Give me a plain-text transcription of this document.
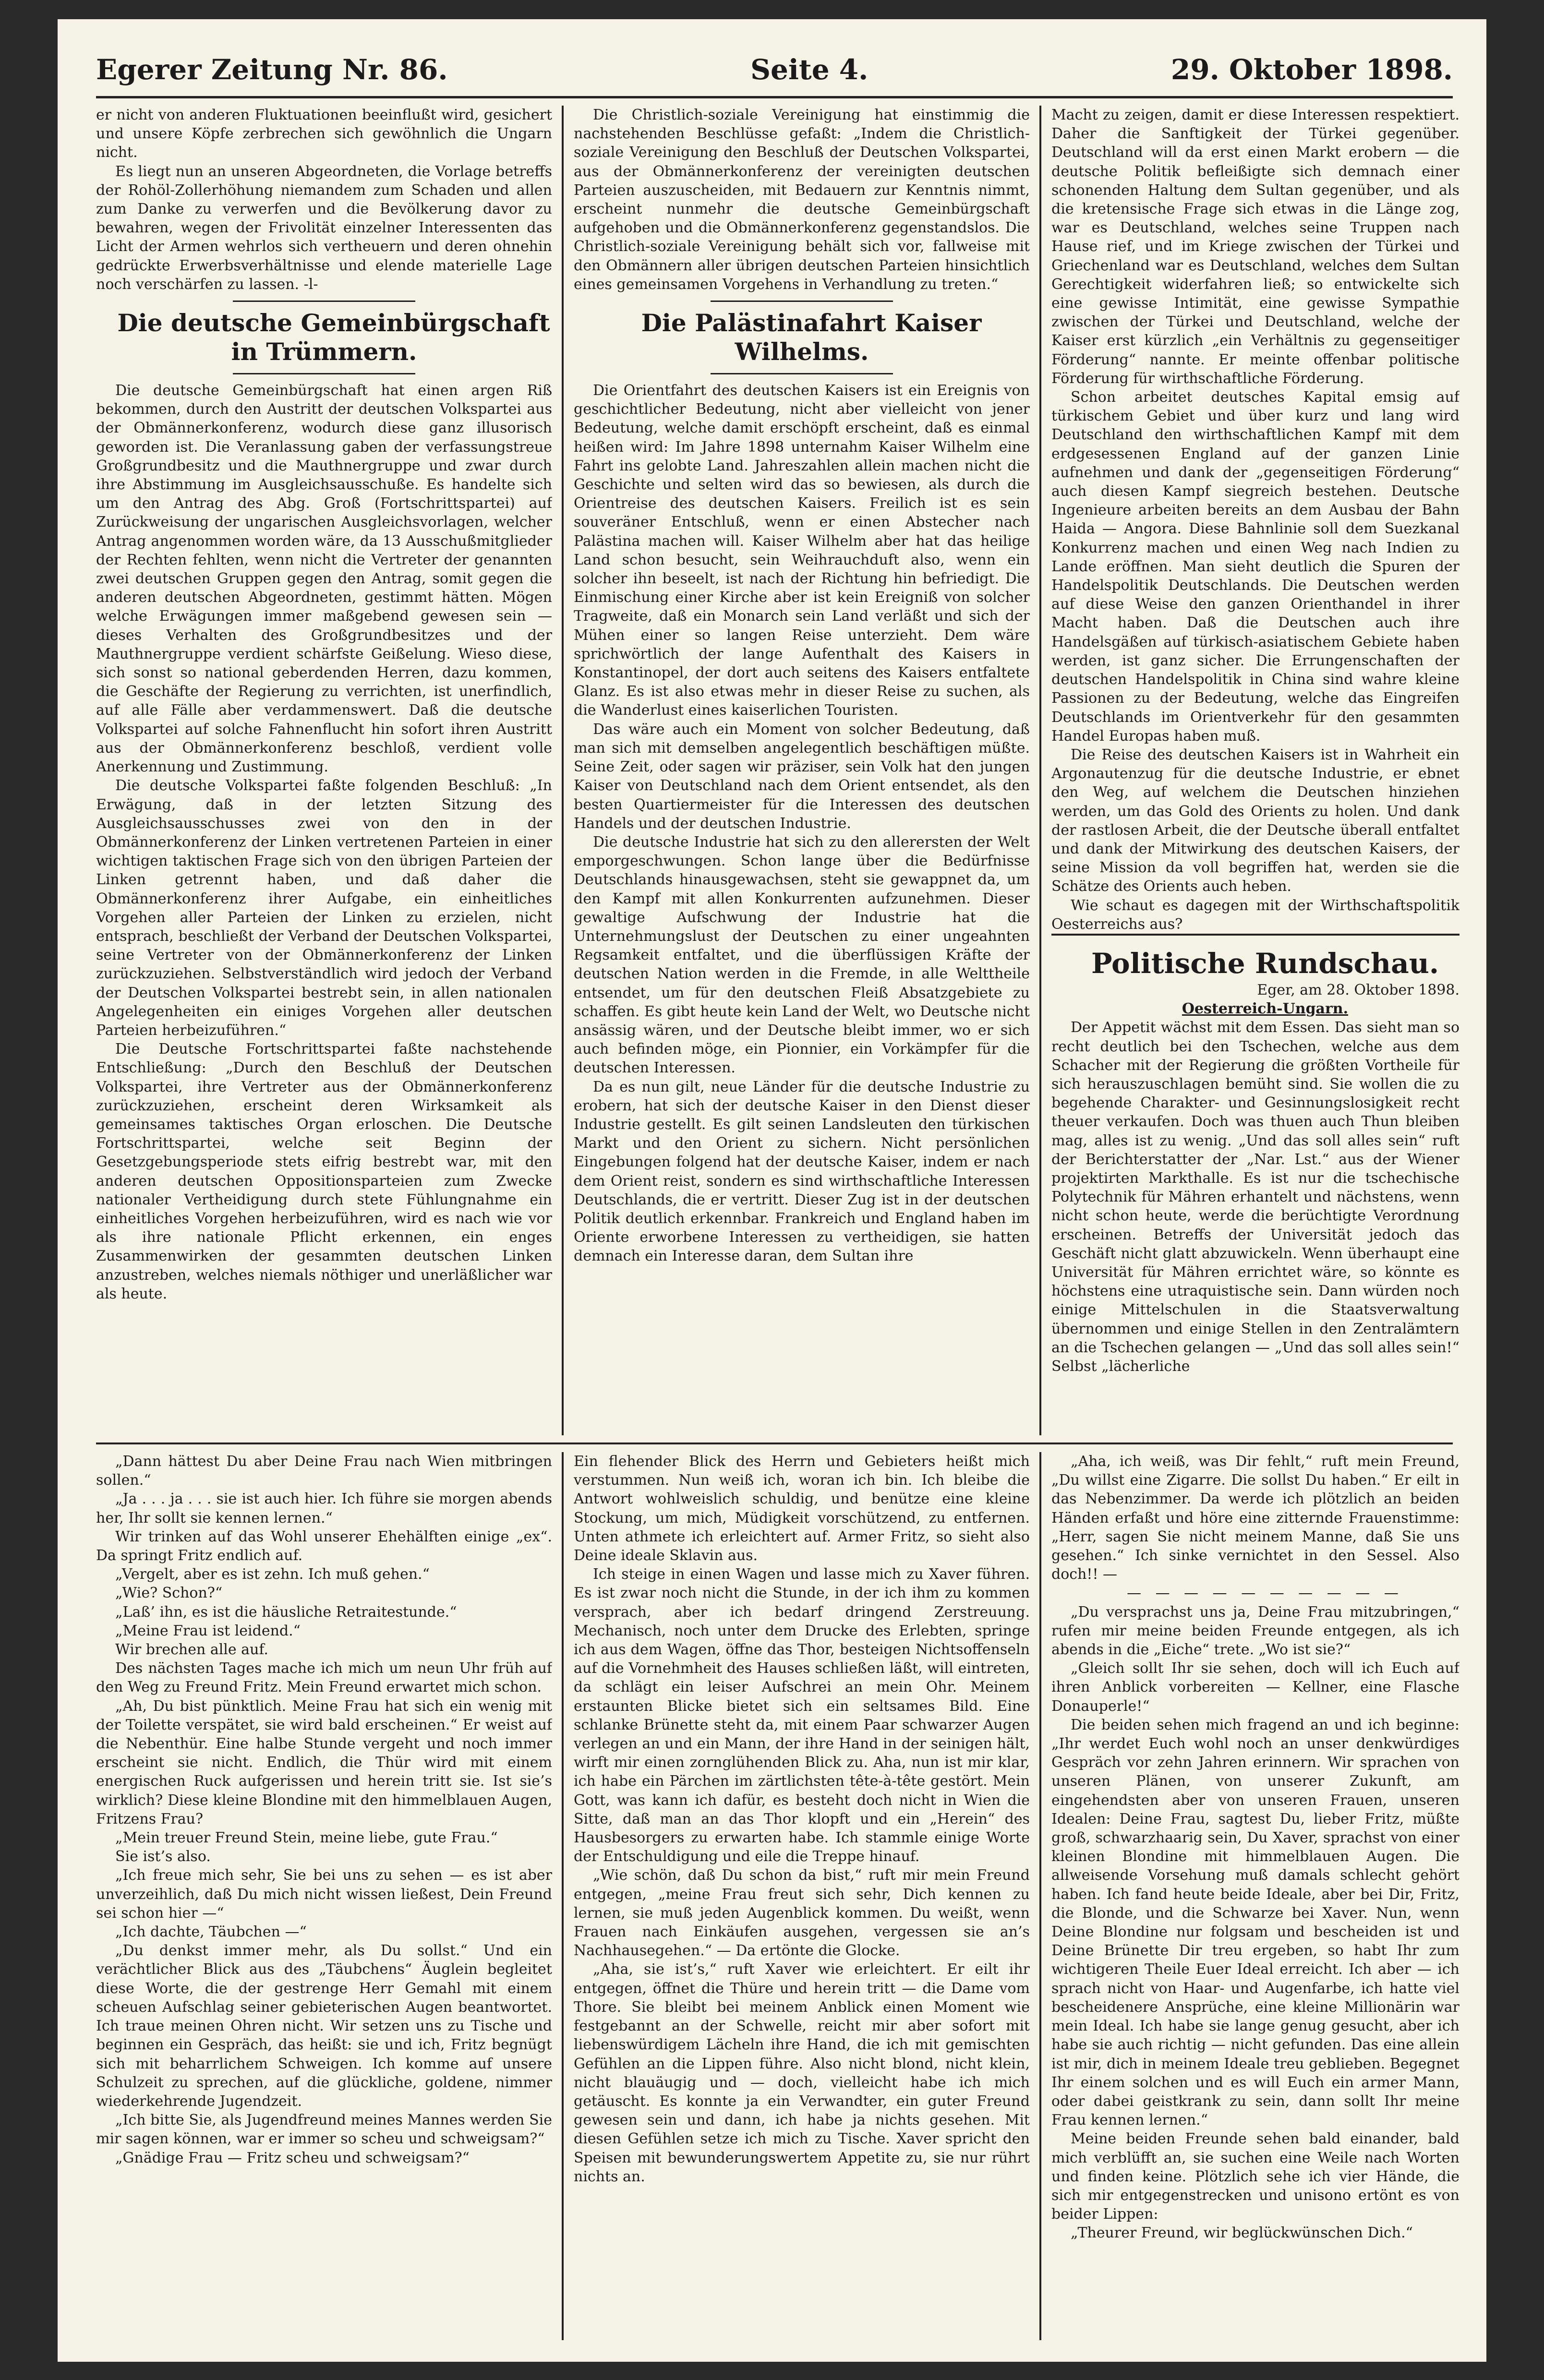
Egerer Zeitung Nr. 86.	Seite 4.	29. Oktober 1898.

er nicht von anderen Fluktuationen beeinflußt wird, gesichert und unsere Köpfe zerbrechen sich gewöhnlich die Ungarn nicht.

Es liegt nun an unseren Abgeordneten, die Vorlage betreffs der Rohöl-Zollerhöhung niemandem zum Schaden und allen zum Danke zu verwerfen und die Bevölkerung davor zu bewahren, wegen der Frivolität einzelner Interessenten das Licht der Armen wehrlos sich vertheuern und deren ohnehin gedrückte Erwerbsverhältnisse und elende materielle Lage noch verschärfen zu lassen. -l-

Die deutsche Gemeinbürgschaft in Trümmern.

Die deutsche Gemeinbürgschaft hat einen argen Riß bekommen, durch den Austritt der deutschen Volkspartei aus der Obmännerkonferenz, wodurch diese ganz illusorisch geworden ist. Die Veranlassung gaben der verfassungstreue Großgrundbesitz und die Mauthnergruppe und zwar durch ihre Abstimmung im Ausgleichsausschuße. Es handelte sich um den Antrag des Abg. Groß (Fortschrittspartei) auf Zurückweisung der ungarischen Ausgleichsvorlagen, welcher Antrag angenommen worden wäre, da 13 Ausschußmitglieder der Rechten fehlten, wenn nicht die Vertreter der genannten zwei deutschen Gruppen gegen den Antrag, somit gegen die anderen deutschen Abgeordneten, gestimmt hätten. Mögen welche Erwägungen immer maßgebend gewesen sein — dieses Verhalten des Großgrundbesitzes und der Mauthnergruppe verdient schärfste Geißelung. Wieso diese, sich sonst so national geberdenden Herren, dazu kommen, die Geschäfte der Regierung zu verrichten, ist unerfindlich, auf alle Fälle aber verdammenswert. Daß die deutsche Volkspartei auf solche Fahnenflucht hin sofort ihren Austritt aus der Obmännerkonferenz beschloß, verdient volle Anerkennung und Zustimmung.

Die deutsche Volkspartei faßte folgenden Beschluß: „In Erwägung, daß in der letzten Sitzung des Ausgleichsausschusses zwei von den in der Obmännerkonferenz der Linken vertretenen Parteien in einer wichtigen taktischen Frage sich von den übrigen Parteien der Linken getrennt haben, und daß daher die Obmännerkonferenz ihrer Aufgabe, ein einheitliches Vorgehen aller Parteien der Linken zu erzielen, nicht entsprach, beschließt der Verband der Deutschen Volkspartei, seine Vertreter von der Obmännerkonferenz der Linken zurückzuziehen. Selbstverständlich wird jedoch der Verband der Deutschen Volkspartei bestrebt sein, in allen nationalen Angelegenheiten ein einiges Vorgehen aller deutschen Parteien herbeizuführen.“

Die Deutsche Fortschrittspartei faßte nachstehende Entschließung: „Durch den Beschluß der Deutschen Volkspartei, ihre Vertreter aus der Obmännerkonferenz zurückzuziehen, erscheint deren Wirksamkeit als gemeinsames taktisches Organ erloschen. Die Deutsche Fortschrittspartei, welche seit Beginn der Gesetzgebungsperiode stets eifrig bestrebt war, mit den anderen deutschen Oppositionsparteien zum Zwecke nationaler Vertheidigung durch stete Fühlungnahme ein einheitliches Vorgehen herbeizuführen, wird es nach wie vor als ihre nationale Pflicht erkennen, ein enges Zusammenwirken der gesammten deutschen Linken anzustreben, welches niemals nöthiger und unerläßlicher war als heute.

Die Christlich-soziale Vereinigung hat einstimmig die nachstehenden Beschlüsse gefaßt: „Indem die Christlich-soziale Vereinigung den Beschluß der Deutschen Volkspartei, aus der Obmännerkonferenz der vereinigten deutschen Parteien auszuscheiden, mit Bedauern zur Kenntnis nimmt, erscheint nunmehr die deutsche Gemeinbürgschaft aufgehoben und die Obmännerkonferenz gegenstandslos. Die Christlich-soziale Vereinigung behält sich vor, fallweise mit den Obmännern aller übrigen deutschen Parteien hinsichtlich eines gemeinsamen Vorgehens in Verhandlung zu treten.“

Die Palästinafahrt Kaiser Wilhelms.

Die Orientfahrt des deutschen Kaisers ist ein Ereignis von geschichtlicher Bedeutung, nicht aber vielleicht von jener Bedeutung, welche damit erschöpft erscheint, daß es einmal heißen wird: Im Jahre 1898 unternahm Kaiser Wilhelm eine Fahrt ins gelobte Land. Jahreszahlen allein machen nicht die Geschichte und selten wird das so bewiesen, als durch die Orientreise des deutschen Kaisers. Freilich ist es sein souveräner Entschluß, wenn er einen Abstecher nach Palästina machen will. Kaiser Wilhelm aber hat das heilige Land schon besucht, sein Weihrauchduft also, wenn ein solcher ihn beseelt, ist nach der Richtung hin befriedigt. Die Einmischung einer Kirche aber ist kein Ereigniß von solcher Tragweite, daß ein Monarch sein Land verläßt und sich der Mühen einer so langen Reise unterzieht. Dem wäre sprichwörtlich der lange Aufenthalt des Kaisers in Konstantinopel, der dort auch seitens des Kaisers entfaltete Glanz. Es ist also etwas mehr in dieser Reise zu suchen, als die Wanderlust eines kaiserlichen Touristen.

Das wäre auch ein Moment von solcher Bedeutung, daß man sich mit demselben angelegentlich beschäftigen müßte. Seine Zeit, oder sagen wir präziser, sein Volk hat den jungen Kaiser von Deutschland nach dem Orient entsendet, als den besten Quartiermeister für die Interessen des deutschen Handels und der deutschen Industrie.

Die deutsche Industrie hat sich zu den allerersten der Welt emporgeschwungen. Schon lange über die Bedürfnisse Deutschlands hinausgewachsen, steht sie gewappnet da, um den Kampf mit allen Konkurrenten aufzunehmen. Dieser gewaltige Aufschwung der Industrie hat die Unternehmungslust der Deutschen zu einer ungeahnten Regsamkeit entfaltet, und die überflüssigen Kräfte der deutschen Nation werden in die Fremde, in alle Welttheile entsendet, um für den deutschen Fleiß Absatzgebiete zu schaffen. Es gibt heute kein Land der Welt, wo Deutsche nicht ansässig wären, und der Deutsche bleibt immer, wo er sich auch befinden möge, ein Pionnier, ein Vorkämpfer für die deutschen Interessen.

Da es nun gilt, neue Länder für die deutsche Industrie zu erobern, hat sich der deutsche Kaiser in den Dienst dieser Industrie gestellt. Es gilt seinen Landsleuten den türkischen Markt und den Orient zu sichern. Nicht persönlichen Eingebungen folgend hat der deutsche Kaiser, indem er nach dem Orient reist, sondern es sind wirthschaftliche Interessen Deutschlands, die er vertritt. Dieser Zug ist in der deutschen Politik deutlich erkennbar. Frankreich und England haben im Oriente erworbene Interessen zu vertheidigen, sie hatten demnach ein Interesse daran, dem Sultan ihre

Macht zu zeigen, damit er diese Interessen respektiert. Daher die Sanftigkeit der Türkei gegenüber. Deutschland will da erst einen Markt erobern — die deutsche Politik befleißigte sich demnach einer schonenden Haltung dem Sultan gegenüber, und als die kretensische Frage sich etwas in die Länge zog, war es Deutschland, welches seine Truppen nach Hause rief, und im Kriege zwischen der Türkei und Griechenland war es Deutschland, welches dem Sultan Gerechtigkeit widerfahren ließ; so entwickelte sich eine gewisse Intimität, eine gewisse Sympathie zwischen der Türkei und Deutschland, welche der Kaiser erst kürzlich „ein Verhältnis zu gegenseitiger Förderung“ nannte. Er meinte offenbar politische Förderung für wirthschaftliche Förderung.

Schon arbeitet deutsches Kapital emsig auf türkischem Gebiet und über kurz und lang wird Deutschland den wirthschaftlichen Kampf mit dem erdgesessenen England auf der ganzen Linie aufnehmen und dank der „gegenseitigen Förderung“ auch diesen Kampf siegreich bestehen. Deutsche Ingenieure arbeiten bereits an dem Ausbau der Bahn Haida — Angora. Diese Bahnlinie soll dem Suezkanal Konkurrenz machen und einen Weg nach Indien zu Lande eröffnen. Man sieht deutlich die Spuren der Handelspolitik Deutschlands. Die Deutschen werden auf diese Weise den ganzen Orienthandel in ihrer Macht haben. Daß die Deutschen auch ihre Handelsgäßen auf türkisch-asiatischem Gebiete haben werden, ist ganz sicher. Die Errungenschaften der deutschen Handelspolitik in China sind wahre kleine Passionen zu der Bedeutung, welche das Eingreifen Deutschlands im Orientverkehr für den gesammten Handel Europas haben muß.

Die Reise des deutschen Kaisers ist in Wahrheit ein Argonautenzug für die deutsche Industrie, er ebnet den Weg, auf welchem die Deutschen hinziehen werden, um das Gold des Orients zu holen. Und dank der rastlosen Arbeit, die der Deutsche überall entfaltet und dank der Mitwirkung des deutschen Kaisers, der seine Mission da voll begriffen hat, werden sie die Schätze des Orients auch heben.

Wie schaut es dagegen mit der Wirthschaftspolitik Oesterreichs aus?

Politische Rundschau.

Eger, am 28. Oktober 1898.

Oesterreich-Ungarn.

Der Appetit wächst mit dem Essen. Das sieht man so recht deutlich bei den Tschechen, welche aus dem Schacher mit der Regierung die größten Vortheile für sich herauszuschlagen bemüht sind. Sie wollen die zu begehende Charakter- und Gesinnungslosigkeit recht theuer verkaufen. Doch was thuen auch Thun bleiben mag, alles ist zu wenig. „Und das soll alles sein“ ruft der Berichterstatter der „Nar. Lst.“ aus der Wiener projektirten Markthalle. Es ist nur die tschechische Polytechnik für Mähren erhantelt und nächstens, wenn nicht schon heute, werde die berüchtigte Verordnung erscheinen. Betreffs der Universität jedoch das Geschäft nicht glatt abzuwickeln. Wenn überhaupt eine Universität für Mähren errichtet wäre, so könnte es höchstens eine utraquistische sein. Dann würden noch einige Mittelschulen in die Staatsverwaltung übernommen und einige Stellen in den Zentralämtern an die Tschechen gelangen — „Und das soll alles sein!“ Selbst „lächerliche

„Dann hättest Du aber Deine Frau nach Wien mitbringen sollen.“

„Ja . . . ja . . . sie ist auch hier. Ich führe sie morgen abends her, Ihr sollt sie kennen lernen.“

Wir trinken auf das Wohl unserer Ehehälften einige „ex“. Da springt Fritz endlich auf.

„Vergelt, aber es ist zehn. Ich muß gehen.“

„Wie? Schon?“

„Laß’ ihn, es ist die häusliche Retraitestunde.“

„Meine Frau ist leidend.“

Wir brechen alle auf.

Des nächsten Tages mache ich mich um neun Uhr früh auf den Weg zu Freund Fritz. Mein Freund erwartet mich schon.

„Ah, Du bist pünktlich. Meine Frau hat sich ein wenig mit der Toilette verspätet, sie wird bald erscheinen.“ Er weist auf die Nebenthür. Eine halbe Stunde vergeht und noch immer erscheint sie nicht. Endlich, die Thür wird mit einem energischen Ruck aufgerissen und herein tritt sie. Ist sie’s wirklich? Diese kleine Blondine mit den himmelblauen Augen, Fritzens Frau?

„Mein treuer Freund Stein, meine liebe, gute Frau.“

Sie ist’s also.

„Ich freue mich sehr, Sie bei uns zu sehen — es ist aber unverzeihlich, daß Du mich nicht wissen ließest, Dein Freund sei schon hier —“

„Ich dachte, Täubchen —“

„Du denkst immer mehr, als Du sollst.“ Und ein verächtlicher Blick aus des „Täubchens“ Äuglein begleitet diese Worte, die der gestrenge Herr Gemahl mit einem scheuen Aufschlag seiner gebieterischen Augen beantwortet. Ich traue meinen Ohren nicht. Wir setzen uns zu Tische und beginnen ein Gespräch, das heißt: sie und ich, Fritz begnügt sich mit beharrlichem Schweigen. Ich komme auf unsere Schulzeit zu sprechen, auf die glückliche, goldene, nimmer wiederkehrende Jugendzeit.

„Ich bitte Sie, als Jugendfreund meines Mannes werden Sie mir sagen können, war er immer so scheu und schweigsam?“

„Gnädige Frau — Fritz scheu und schweigsam?“

Ein flehender Blick des Herrn und Gebieters heißt mich verstummen. Nun weiß ich, woran ich bin. Ich bleibe die Antwort wohlweislich schuldig, und benütze eine kleine Stockung, um mich, Müdigkeit vorschützend, zu entfernen. Unten athmete ich erleichtert auf. Armer Fritz, so sieht also Deine ideale Sklavin aus.

Ich steige in einen Wagen und lasse mich zu Xaver führen. Es ist zwar noch nicht die Stunde, in der ich ihm zu kommen versprach, aber ich bedarf dringend Zerstreuung. Mechanisch, noch unter dem Drucke des Erlebten, springe ich aus dem Wagen, öffne das Thor, besteigen Nichtsoffenseln auf die Vornehmheit des Hauses schließen läßt, will eintreten, da schlägt ein leiser Aufschrei an mein Ohr. Meinem erstaunten Blicke bietet sich ein seltsames Bild. Eine schlanke Brünette steht da, mit einem Paar schwarzer Augen verlegen an und ein Mann, der ihre Hand in der seinigen hält, wirft mir einen zornglühenden Blick zu. Aha, nun ist mir klar, ich habe ein Pärchen im zärtlichsten tête-à-tête gestört. Mein Gott, was kann ich dafür, es besteht doch nicht in Wien die Sitte, daß man an das Thor klopft und ein „Herein“ des Hausbesorgers zu erwarten habe. Ich stammle einige Worte der Entschuldigung und eile die Treppe hinauf.

„Wie schön, daß Du schon da bist,“ ruft mir mein Freund entgegen, „meine Frau freut sich sehr, Dich kennen zu lernen, sie muß jeden Augenblick kommen. Du weißt, wenn Frauen nach Einkäufen ausgehen, vergessen sie an’s Nachhausegehen.“ — Da ertönte die Glocke.

„Aha, sie ist’s,“ ruft Xaver wie erleichtert. Er eilt ihr entgegen, öffnet die Thüre und herein tritt — die Dame vom Thore. Sie bleibt bei meinem Anblick einen Moment wie festgebannt an der Schwelle, reicht mir aber sofort mit liebenswürdigem Lächeln ihre Hand, die ich mit gemischten Gefühlen an die Lippen führe. Also nicht blond, nicht klein, nicht blauäugig und — doch, vielleicht habe ich mich getäuscht. Es konnte ja ein Verwandter, ein guter Freund gewesen sein und dann, ich habe ja nichts gesehen. Mit diesen Gefühlen setze ich mich zu Tische. Xaver spricht den Speisen mit bewunderungswertem Appetite zu, sie nur rührt nichts an.

„Aha, ich weiß, was Dir fehlt,“ ruft mein Freund, „Du willst eine Zigarre. Die sollst Du haben.“ Er eilt in das Nebenzimmer. Da werde ich plötzlich an beiden Händen erfaßt und höre eine zitternde Frauenstimme: „Herr, sagen Sie nicht meinem Manne, daß Sie uns gesehen.“ Ich sinke vernichtet in den Sessel. Also doch!! —

— — — — — — — — — —

„Du versprachst uns ja, Deine Frau mitzubringen,“ rufen mir meine beiden Freunde entgegen, als ich abends in die „Eiche“ trete. „Wo ist sie?“

„Gleich sollt Ihr sie sehen, doch will ich Euch auf ihren Anblick vorbereiten — Kellner, eine Flasche Donauperle!“

Die beiden sehen mich fragend an und ich beginne: „Ihr werdet Euch wohl noch an unser denkwürdiges Gespräch vor zehn Jahren erinnern. Wir sprachen von unseren Plänen, von unserer Zukunft, am eingehendsten aber von unseren Frauen, unseren Idealen: Deine Frau, sagtest Du, lieber Fritz, müßte groß, schwarzhaarig sein, Du Xaver, sprachst von einer kleinen Blondine mit himmelblauen Augen. Die allweisende Vorsehung muß damals schlecht gehört haben. Ich fand heute beide Ideale, aber bei Dir, Fritz, die Blonde, und die Schwarze bei Xaver. Nun, wenn Deine Blondine nur folgsam und bescheiden ist und Deine Brünette Dir treu ergeben, so habt Ihr zum wichtigeren Theile Euer Ideal erreicht. Ich aber — ich sprach nicht von Haar- und Augenfarbe, ich hatte viel bescheidenere Ansprüche, eine kleine Millionärin war mein Ideal. Ich habe sie lange genug gesucht, aber ich habe sie auch richtig — nicht gefunden. Das eine allein ist mir, dich in meinem Ideale treu geblieben. Begegnet Ihr einem solchen und es will Euch ein armer Mann, oder dabei geistkrank zu sein, dann sollt Ihr meine Frau kennen lernen.“

Meine beiden Freunde sehen bald einander, bald mich verblüfft an, sie suchen eine Weile nach Worten und finden keine. Plötzlich sehe ich vier Hände, die sich mir entgegenstrecken und unisono ertönt es von beider Lippen:

„Theurer Freund, wir beglückwünschen Dich.“
